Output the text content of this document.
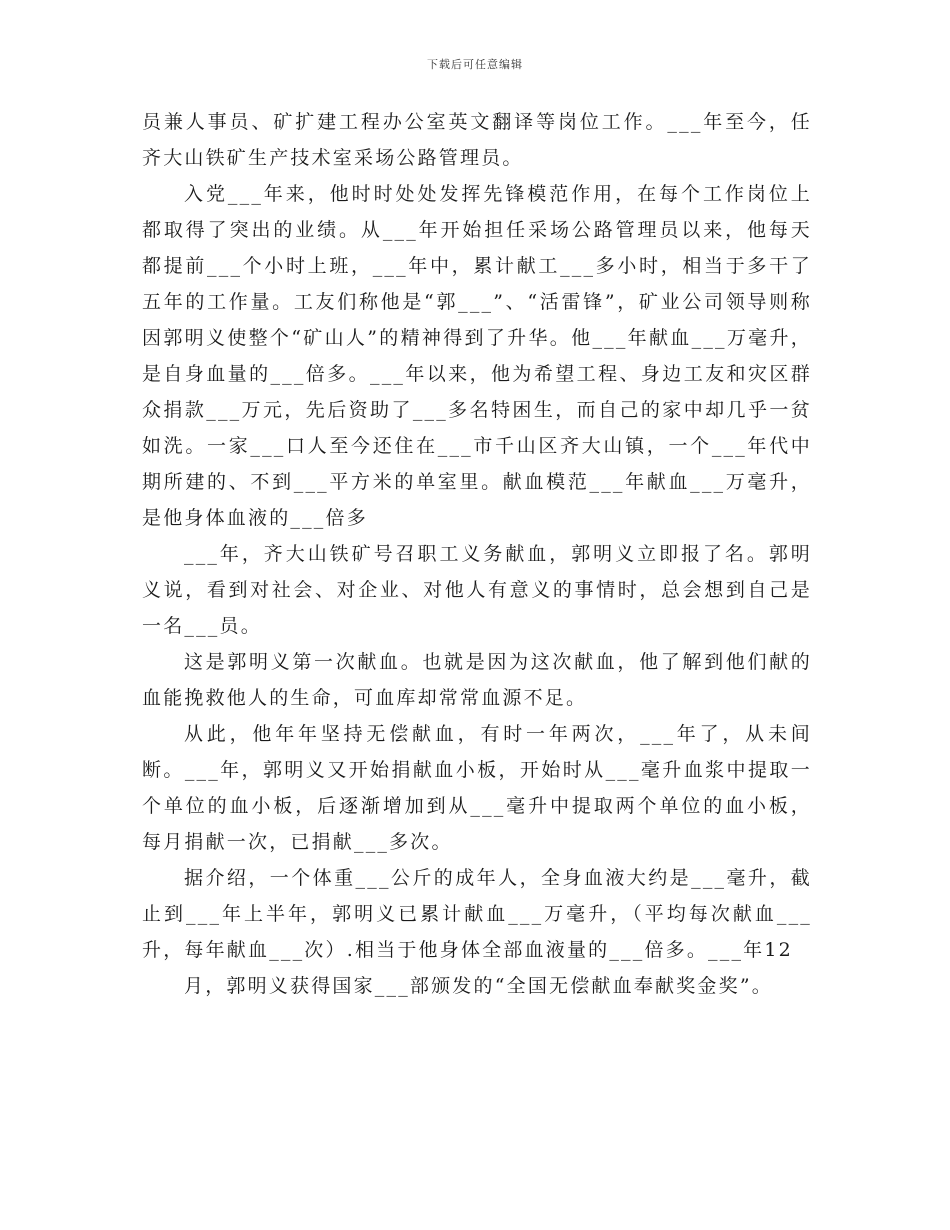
下载后可任意编辑

员兼人事员、矿扩建工程办公室英文翻译等岗位工作。___年至今，任齐大山铁矿生产技术室采场公路管理员。

入党___年来，他时时处处发挥先锋模范作用，在每个工作岗位上都取得了突出的业绩。从___年开始担任采场公路管理员以来，他每天都提前___个小时上班，___年中，累计献工___多小时，相当于多干了五年的工作量。工友们称他是“郭___”、“活雷锋”，矿业公司领导则称因郭明义使整个“矿山人”的精神得到了升华。他___年献血___万毫升，是自身血量的___倍多。___年以来，他为希望工程、身边工友和灾区群众捐款___万元，先后资助了___多名特困生，而自己的家中却几乎一贫如洗。一家___口人至今还住在___市千山区齐大山镇，一个___年代中期所建的、不到___平方米的单室里。献血模范___年献血___万毫升，是他身体血液的___倍多

___年，齐大山铁矿号召职工义务献血，郭明义立即报了名。郭明义说，看到对社会、对企业、对他人有意义的事情时，总会想到自己是一名___员。

这是郭明义第一次献血。也就是因为这次献血，他了解到他们献的血能挽救他人的生命，可血库却常常血源不足。

从此，他年年坚持无偿献血，有时一年两次，___年了，从未间断。___年，郭明义又开始捐献血小板，开始时从___毫升血浆中提取一个单位的血小板，后逐渐增加到从___毫升中提取两个单位的血小板，每月捐献一次，已捐献___多次。

据介绍，一个体重___公斤的成年人，全身血液大约是___毫升，截止到___年上半年，郭明义已累计献血___万毫升，（平均每次献血___升，每年献血___次）.相当于他身体全部血液量的___倍多。___年12

月，郭明义获得国家___部颁发的“全国无偿献血奉献奖金奖”。
